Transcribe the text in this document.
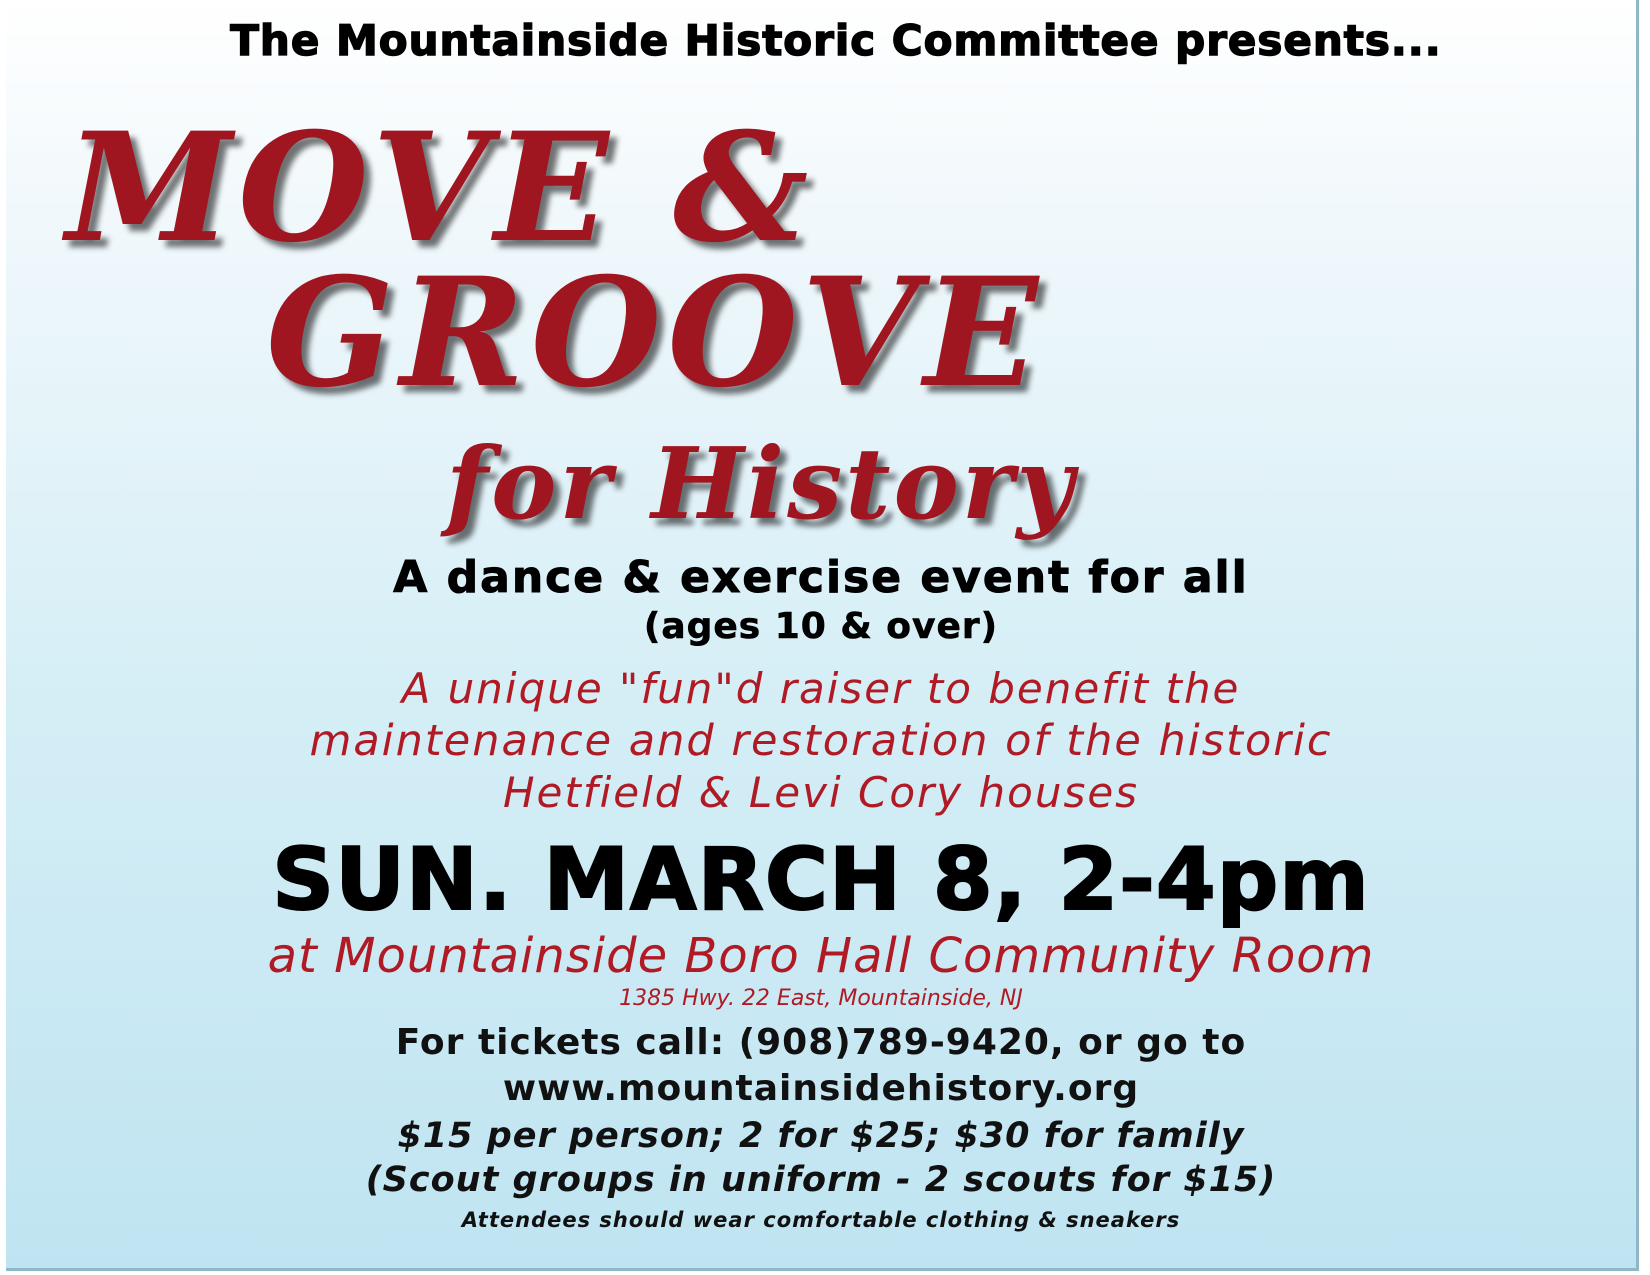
The Mountainside Historic Committee presents...

MOVE &

GROOVE

for History

A dance & exercise event for all

(ages 10 & over)

A unique "fun"d raiser to benefit the

maintenance and restoration of the historic

Hetfield & Levi Cory houses

SUN. MARCH 8, 2-4pm

at Mountainside Boro Hall Community Room

1385 Hwy. 22 East, Mountainside, NJ

For tickets call: (908)789-9420, or go to

www.mountainsidehistory.org

$15 per person; 2 for $25; $30 for family

(Scout groups in uniform - 2 scouts for $15)

Attendees should wear comfortable clothing & sneakers
